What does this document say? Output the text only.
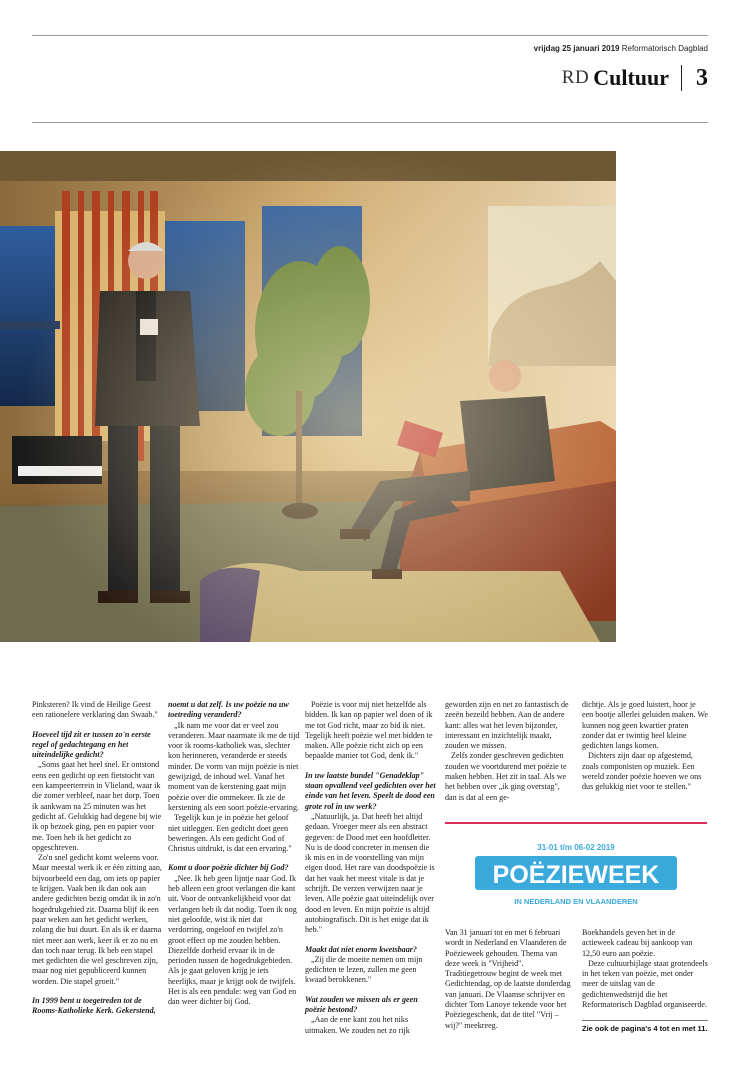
vrijdag 25 januari 2019 Reformatorisch Dagblad
RD Cultuur 3

Pinksteren? Ik vind de Heilige Geest een rationelere verklaring dan Swaab."

Hoeveel tijd zit er tussen zo'n eerste regel of gedachtegang en het uiteindelijke gedicht?

„Soms gaat het heel snel. Er ontstond eens een gedicht op een fietstocht van een kampeerterrein in Vlieland, waar ik die zomer verbleef, naar het dorp. Toen ik aankwam na 25 minuten was het gedicht af. Gelukkig had degene bij wie ik op bezoek ging, pen en papier voor me. Toen heb ik het gedicht zo opgeschreven.

Zo'n snel gedicht komt weleens voor. Maar meestal werk ik er één zitting aan, bijvoorbeeld een dag, om iets op papier te krijgen. Vaak ben ik dan ook aan andere gedichten bezig omdat ik in zo'n hogedrukgebied zit. Daarna blijf ik een paar weken aan het gedicht werken, zolang die bui duurt. En als ik er daarna niet meer aan werk, keer ik er zo nu en dan toch naar terug. Ik heb een stapel met gedichten die wel geschreven zijn, maar nog niet gepubliceerd kunnen worden. Die stapel groeit."

In 1999 bent u toegetreden tot de Rooms-Katholieke Kerk. Gekerstend,

noemt u dat zelf. Is uw poëzie na uw toetreding veranderd?

„Ik nam me voor dat er veel zou veranderen. Maar naarmate ik me de tijd voor ik rooms-katholiek was, slechter kon herinneren, veranderde er steeds minder. De vorm van mijn poëzie is niet gewijzigd, de inhoud wel. Vanaf het moment van de kerstening gaat mijn poëzie over die ommekeer. Ik zie de kerstening als een soort poëzie-ervaring.

Tegelijk kun je in poëzie het geloof niet uitleggen. Een gedicht doet geen beweringen. Als een gedicht God of Christus uitdrukt, is dat een ervaring."

Komt u door poëzie dichter bij God?

„Nee. Ik heb geen lijntje naar God. Ik heb alleen een groot verlangen die kant uit. Voor de ontvankelijkheid voor dat verlangen heb ik dat nodig. Toen ik nog niet geloofde, wist ik niet dat verdorring, ongeloof en twijfel zo'n groot effect op me zouden hebben. Diezelfde dorheid ervaar ik in de perioden tussen de hogedrukgebieden. Als je gaat geloven krijg je iets heerlijks, maar je krijgt ook de twijfels. Het is als een pendule: weg van God en dan weer dichter bij God.

Poëzie is voor mij niet hetzelfde als bidden. Ik kan op papier wel doen of ik me tot God richt, maar zo bid ik niet. Tegelijk heeft poëzie wel met bidden te maken. Alle poëzie richt zich op een bepaalde manier tot God, denk ik."

In uw laatste bundel "Genadeklap" staan opvallend veel gedichten over het einde van het leven. Speelt de dood een grote rol in uw werk?

„Natuurlijk, ja. Dat heeft het altijd gedaan. Vroeger meer als een abstract gegeven: de Dood met een hoofdletter. Nu is de dood concreter in mensen die ik mis en in de voorstelling van mijn eigen dood. Het rare van doodspoëzie is dat het vaak het meest vitale is dat je schrijft. De verzen verwijzen naar je leven. Alle poëzie gaat uiteindelijk over dood en leven. En mijn poëzie is altijd autobiografisch. Dit is het enige dat ik heb."

Maakt dat niet enorm kwetsbaar?

„Zij die de moeite nemen om mijn gedichten te lezen, zullen me geen kwaad berokkenen."

Wat zouden we missen als er geen poëzie bestond?

„Aan de ene kant zou het niks uitmaken. We zouden net zo rijk

geworden zijn en net zo fantastisch de zeeën bezeild hebben. Aan de andere kant: alles wat het leven bijzonder, interessant en inzichtelijk maakt, zouden we missen.

Zelfs zonder geschreven gedichten zouden we voortdurend met poëzie te maken hebben. Het zit in taal. Als we het hebben over „ik ging overstag", dan is dat al een ge-

dichtje. Als je goed luistert, hoor je een bootje allerlei geluiden maken. We kunnen nog geen kwartier praten zonder dat er twintig heel kleine gedichten langs komen.

Dichters zijn daar op afgestemd, zoals componisten op muziek. Een wereld zonder poëzie hoeven we ons dus gelukkig niet voor te stellen."

31-01 t/m 06-02 2019
POËZIEWEEK
IN NEDERLAND EN VLAANDEREN

Van 31 januari tot en met 6 februari wordt in Nederland en Vlaanderen de Poëzieweek gehouden. Thema van deze week is "Vrijheid". Traditiegetrouw begint de week met Gedichtendag, op de laatste donderdag van januari. De Vlaamse schrijver en dichter Tom Lanoye tekende voor het Poëziegeschenk, dat de titel "Vrij – wij?" meekreeg.

Boekhandels geven het in de actieweek cadeau bij aankoop van 12,50 euro aan poëzie.

Deze cultuurbijlage staat grotendeels in het teken van poëzie, met onder meer de uitslag van de gedichtenwedstrijd die het Reformatorisch Dagblad organiseerde.

Zie ook de pagina's 4 tot en met 11.
